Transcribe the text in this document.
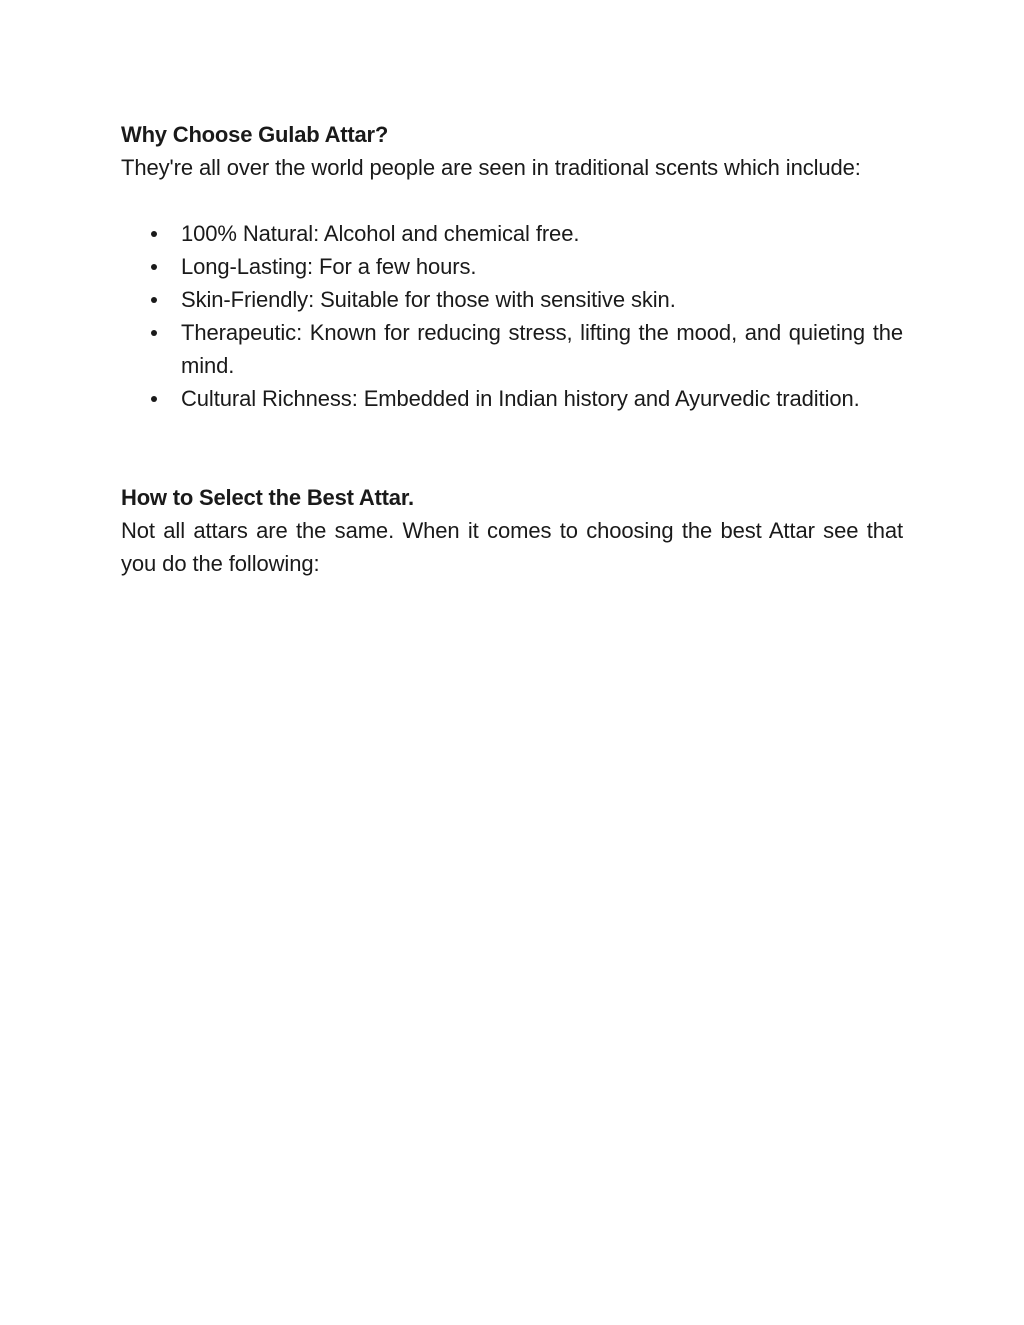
Why Choose Gulab Attar?

They're all over the world people are seen in traditional scents which include:

100% Natural: Alcohol and chemical free.
Long-Lasting: For a few hours.
Skin-Friendly: Suitable for those with sensitive skin.
Therapeutic: Known for reducing stress, lifting the mood, and quieting the mind.
Cultural Richness: Embedded in Indian history and Ayurvedic tradition.

How to Select the Best Attar.

Not all attars are the same. When it comes to choosing the best Attar see that you do the following:
